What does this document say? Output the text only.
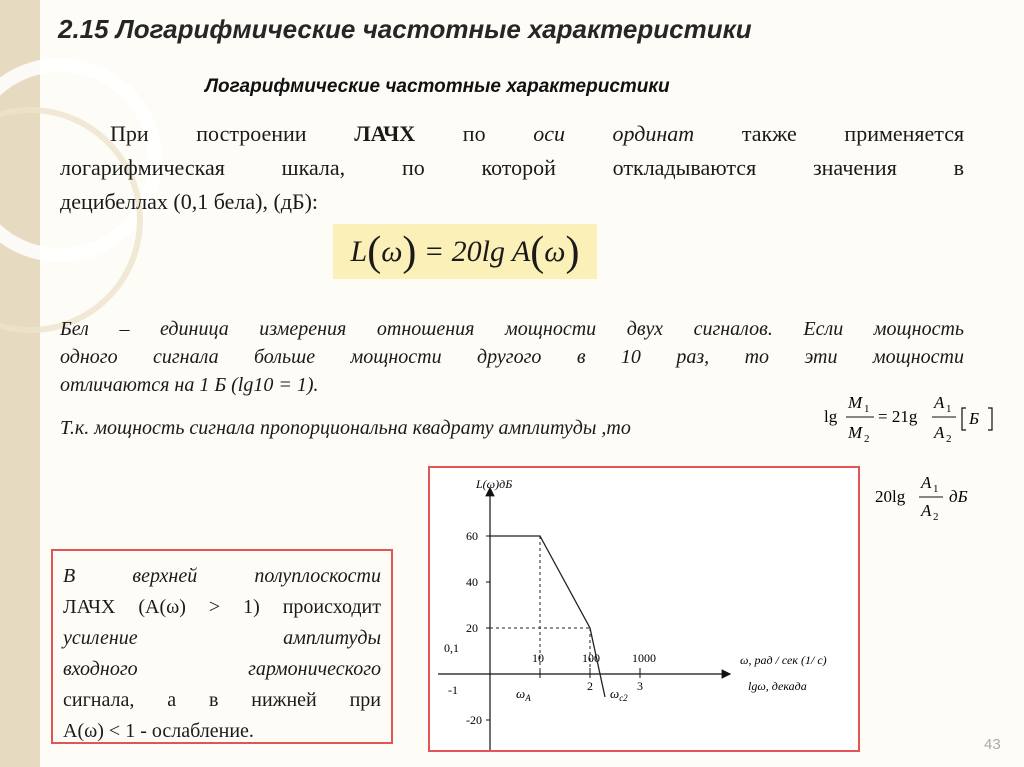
2.15 Логарифмические частотные характеристики
Логарифмические частотные характеристики
При построении ЛАЧХ по оси ординат также применяется
логарифмическая шкала, по которой откладываются значения в
децибеллах (0,1 бела), (дБ):
L ( ω )
= 20lg A ( ω )
Бел – единица измерения отношения мощности двух сигналов. Если мощность
одного сигнала больше мощности другого в 10 раз, то эти мощности
отличаются на 1 Б (lg10 = 1).
Т.к. мощность сигнала пропорциональна квадрату амплитуды ,то
lg
M 1
M 2
= 21g
A 1
A 2
Б
20lg
A 1
A 2
дБ
В верхней полуплоскости
ЛАЧХ (A(ω) > 1) происходит
усиление амплитуды
входного гармонического
сигнала, а в нижней при
A(ω) < 1 - ослабление.
L(ω)дБ
60
40
20
-20
10	100	1000
2	3
ω, рад / сек (1/ c)
lgω, декада
$\omega_A$	$\omega_{c2}$
0,1
-1
43
